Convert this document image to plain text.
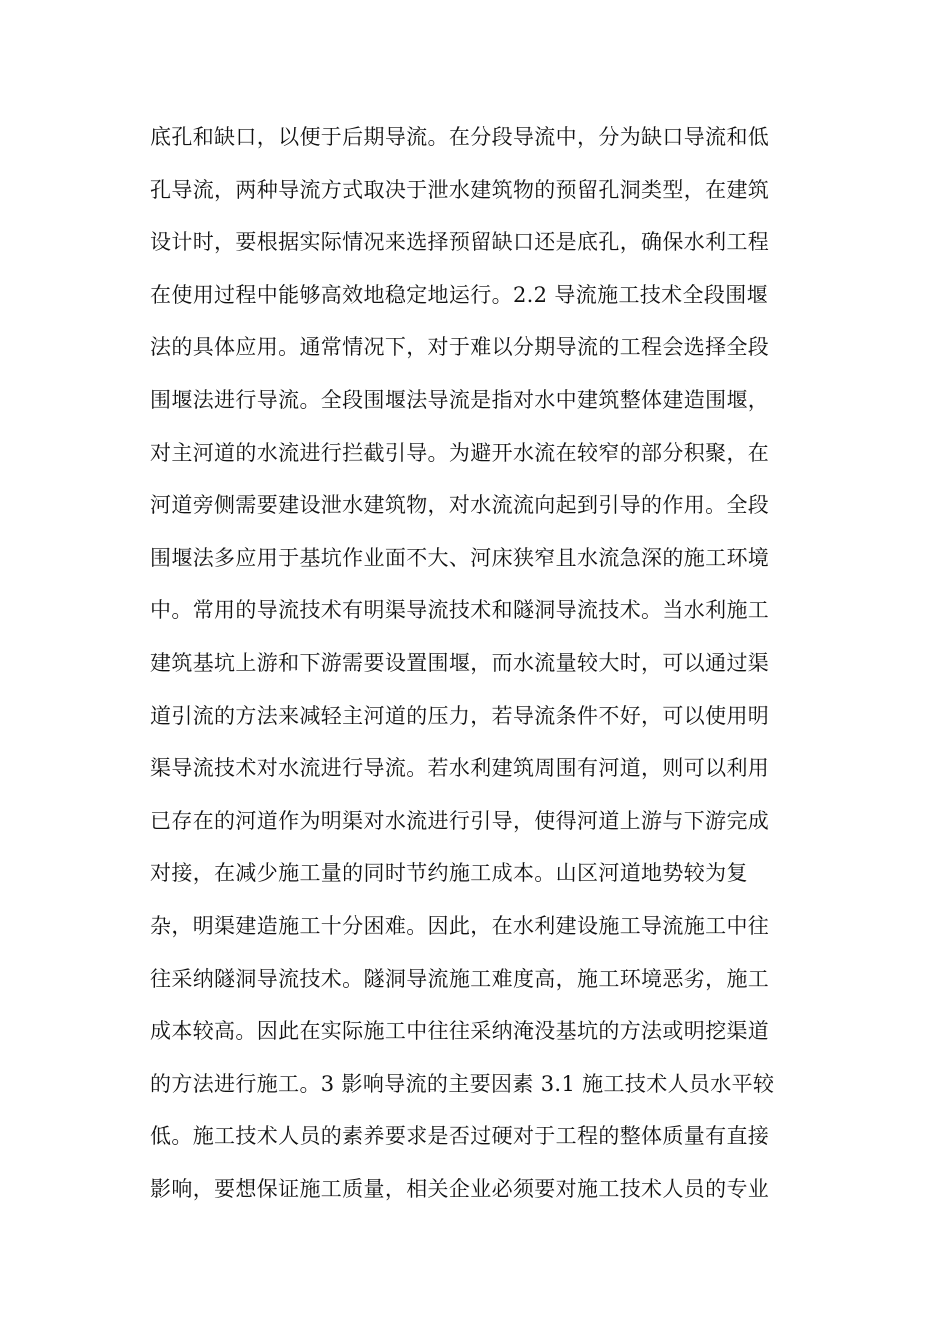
底孔和缺口，以便于后期导流。在分段导流中，分为缺口导流和低
孔导流，两种导流方式取决于泄水建筑物的预留孔洞类型，在建筑
设计时，要根据实际情况来选择预留缺口还是底孔，确保水利工程
在使用过程中能够高效地稳定地运行。2.2 导流施工技术全段围堰
法的具体应用。通常情况下，对于难以分期导流的工程会选择全段
围堰法进行导流。全段围堰法导流是指对水中建筑整体建造围堰，
对主河道的水流进行拦截引导。为避开水流在较窄的部分积聚，在
河道旁侧需要建设泄水建筑物，对水流流向起到引导的作用。全段
围堰法多应用于基坑作业面不大、河床狭窄且水流急深的施工环境
中。常用的导流技术有明渠导流技术和隧洞导流技术。当水利施工
建筑基坑上游和下游需要设置围堰，而水流量较大时，可以通过渠
道引流的方法来减轻主河道的压力，若导流条件不好，可以使用明
渠导流技术对水流进行导流。若水利建筑周围有河道，则可以利用
已存在的河道作为明渠对水流进行引导，使得河道上游与下游完成
对接，在减少施工量的同时节约施工成本。山区河道地势较为复
杂，明渠建造施工十分困难。因此，在水利建设施工导流施工中往
往采纳隧洞导流技术。隧洞导流施工难度高，施工环境恶劣，施工
成本较高。因此在实际施工中往往采纳淹没基坑的方法或明挖渠道
的方法进行施工。3 影响导流的主要因素 3.1 施工技术人员水平较
低。施工技术人员的素养要求是否过硬对于工程的整体质量有直接
影响，要想保证施工质量，相关企业必须要对施工技术人员的专业
